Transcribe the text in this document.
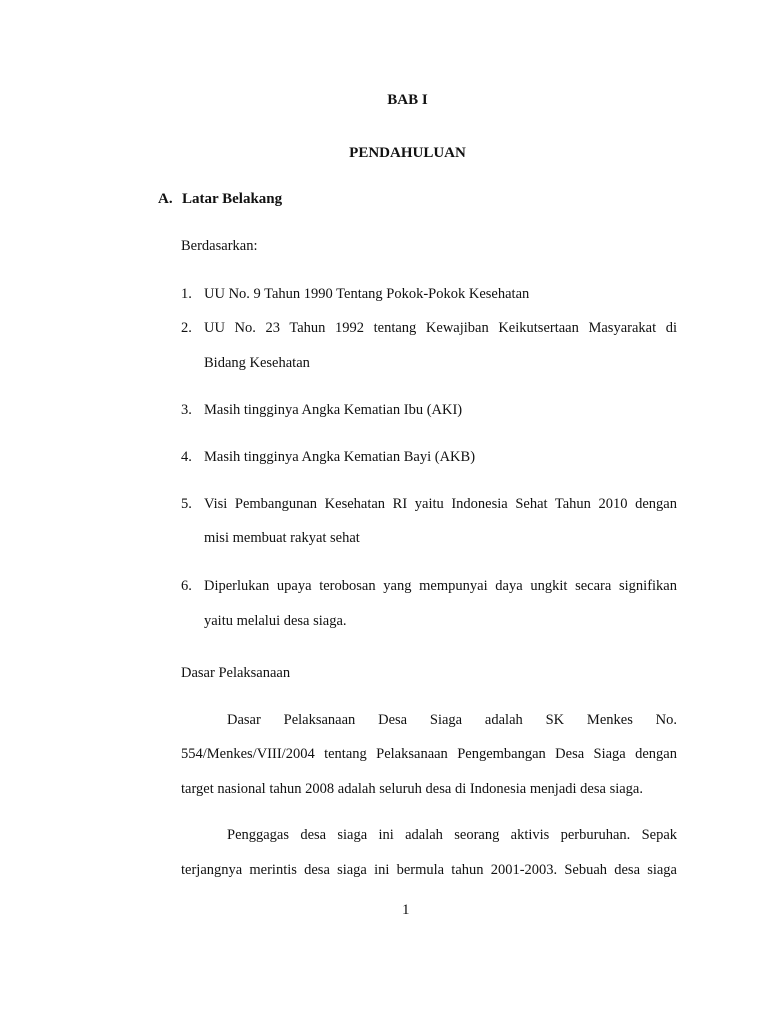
BAB I
PENDAHULUAN
A. Latar Belakang
Berdasarkan:
1. UU No. 9 Tahun 1990 Tentang Pokok-Pokok Kesehatan
2. UU No. 23 Tahun 1992 tentang Kewajiban Keikutsertaan Masyarakat di
Bidang Kesehatan
3. Masih tingginya Angka Kematian Ibu (AKI)
4. Masih tingginya Angka Kematian Bayi (AKB)
5. Visi Pembangunan Kesehatan RI yaitu Indonesia Sehat Tahun 2010 dengan
misi membuat rakyat sehat
6. Diperlukan upaya terobosan yang mempunyai daya ungkit secara signifikan
yaitu melalui desa siaga.
Dasar Pelaksanaan
Dasar Pelaksanaan Desa Siaga adalah SK Menkes No.
554/Menkes/VIII/2004 tentang Pelaksanaan Pengembangan Desa Siaga dengan
target nasional tahun 2008 adalah seluruh desa di Indonesia menjadi desa siaga.
Penggagas desa siaga ini adalah seorang aktivis perburuhan. Sepak
terjangnya merintis desa siaga ini bermula tahun 2001-2003. Sebuah desa siaga
1
